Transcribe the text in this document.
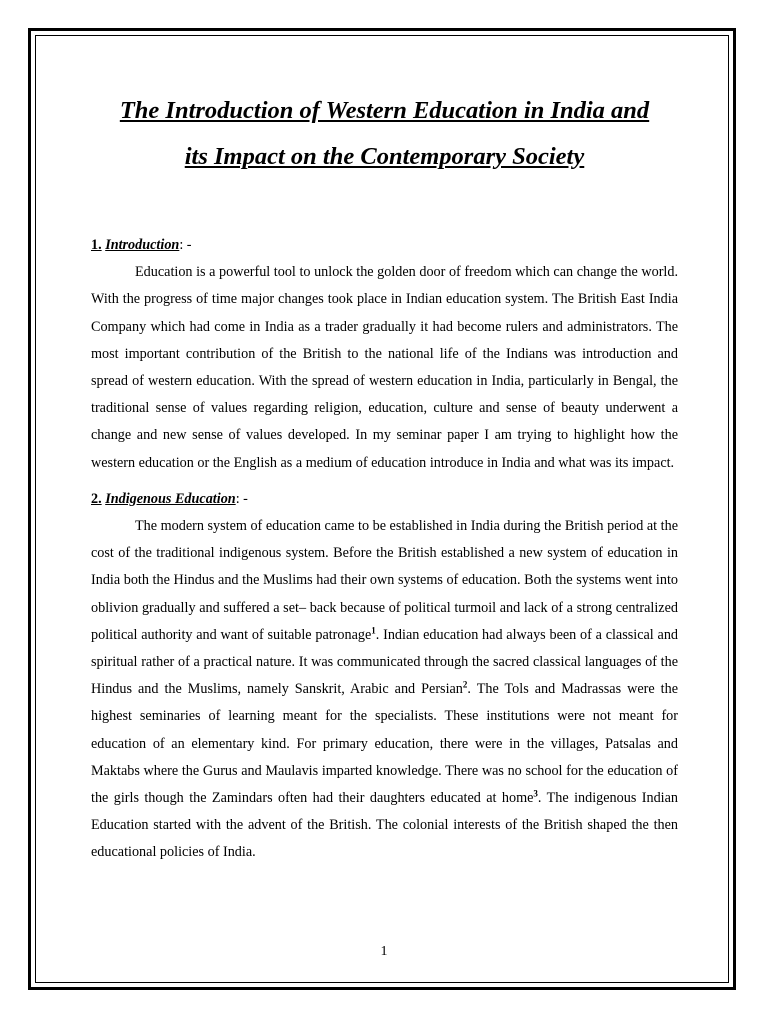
The Introduction of Western Education in India and
its Impact on the Contemporary Society
1. Introduction: -

Education is a powerful tool to unlock the golden door of freedom which can change the world. With the progress of time major changes took place in Indian education system. The British East India Company which had come in India as a trader gradually it had become rulers and administrators. The most important contribution of the British to the national life of the Indians was introduction and spread of western education. With the spread of western education in India, particularly in Bengal, the traditional sense of values regarding religion, education, culture and sense of beauty underwent a change and new sense of values developed. In my seminar paper I am trying to highlight how the western education or the English as a medium of education introduce in India and what was its impact.

2. Indigenous Education: -

The modern system of education came to be established in India during the British period at the cost of the traditional indigenous system. Before the British established a new system of education in India both the Hindus and the Muslims had their own systems of education. Both the systems went into oblivion gradually and suffered a set– back because of political turmoil and lack of a strong centralized political authority and want of suitable patronage$^1$. Indian education had always been of a classical and spiritual rather of a practical nature. It was communicated through the sacred classical languages of the Hindus and the Muslims, namely Sanskrit, Arabic and Persian$^2$. The Tols and Madrassas were the highest seminaries of learning meant for the specialists. These institutions were not meant for education of an elementary kind. For primary education, there were in the villages, Patsalas and Maktabs where the Gurus and Maulavis imparted knowledge. There was no school for the education of the girls though the Zamindars often had their daughters educated at home$^3$. The indigenous Indian Education started with the advent of the British. The colonial interests of the British shaped the then educational policies of India.

1
